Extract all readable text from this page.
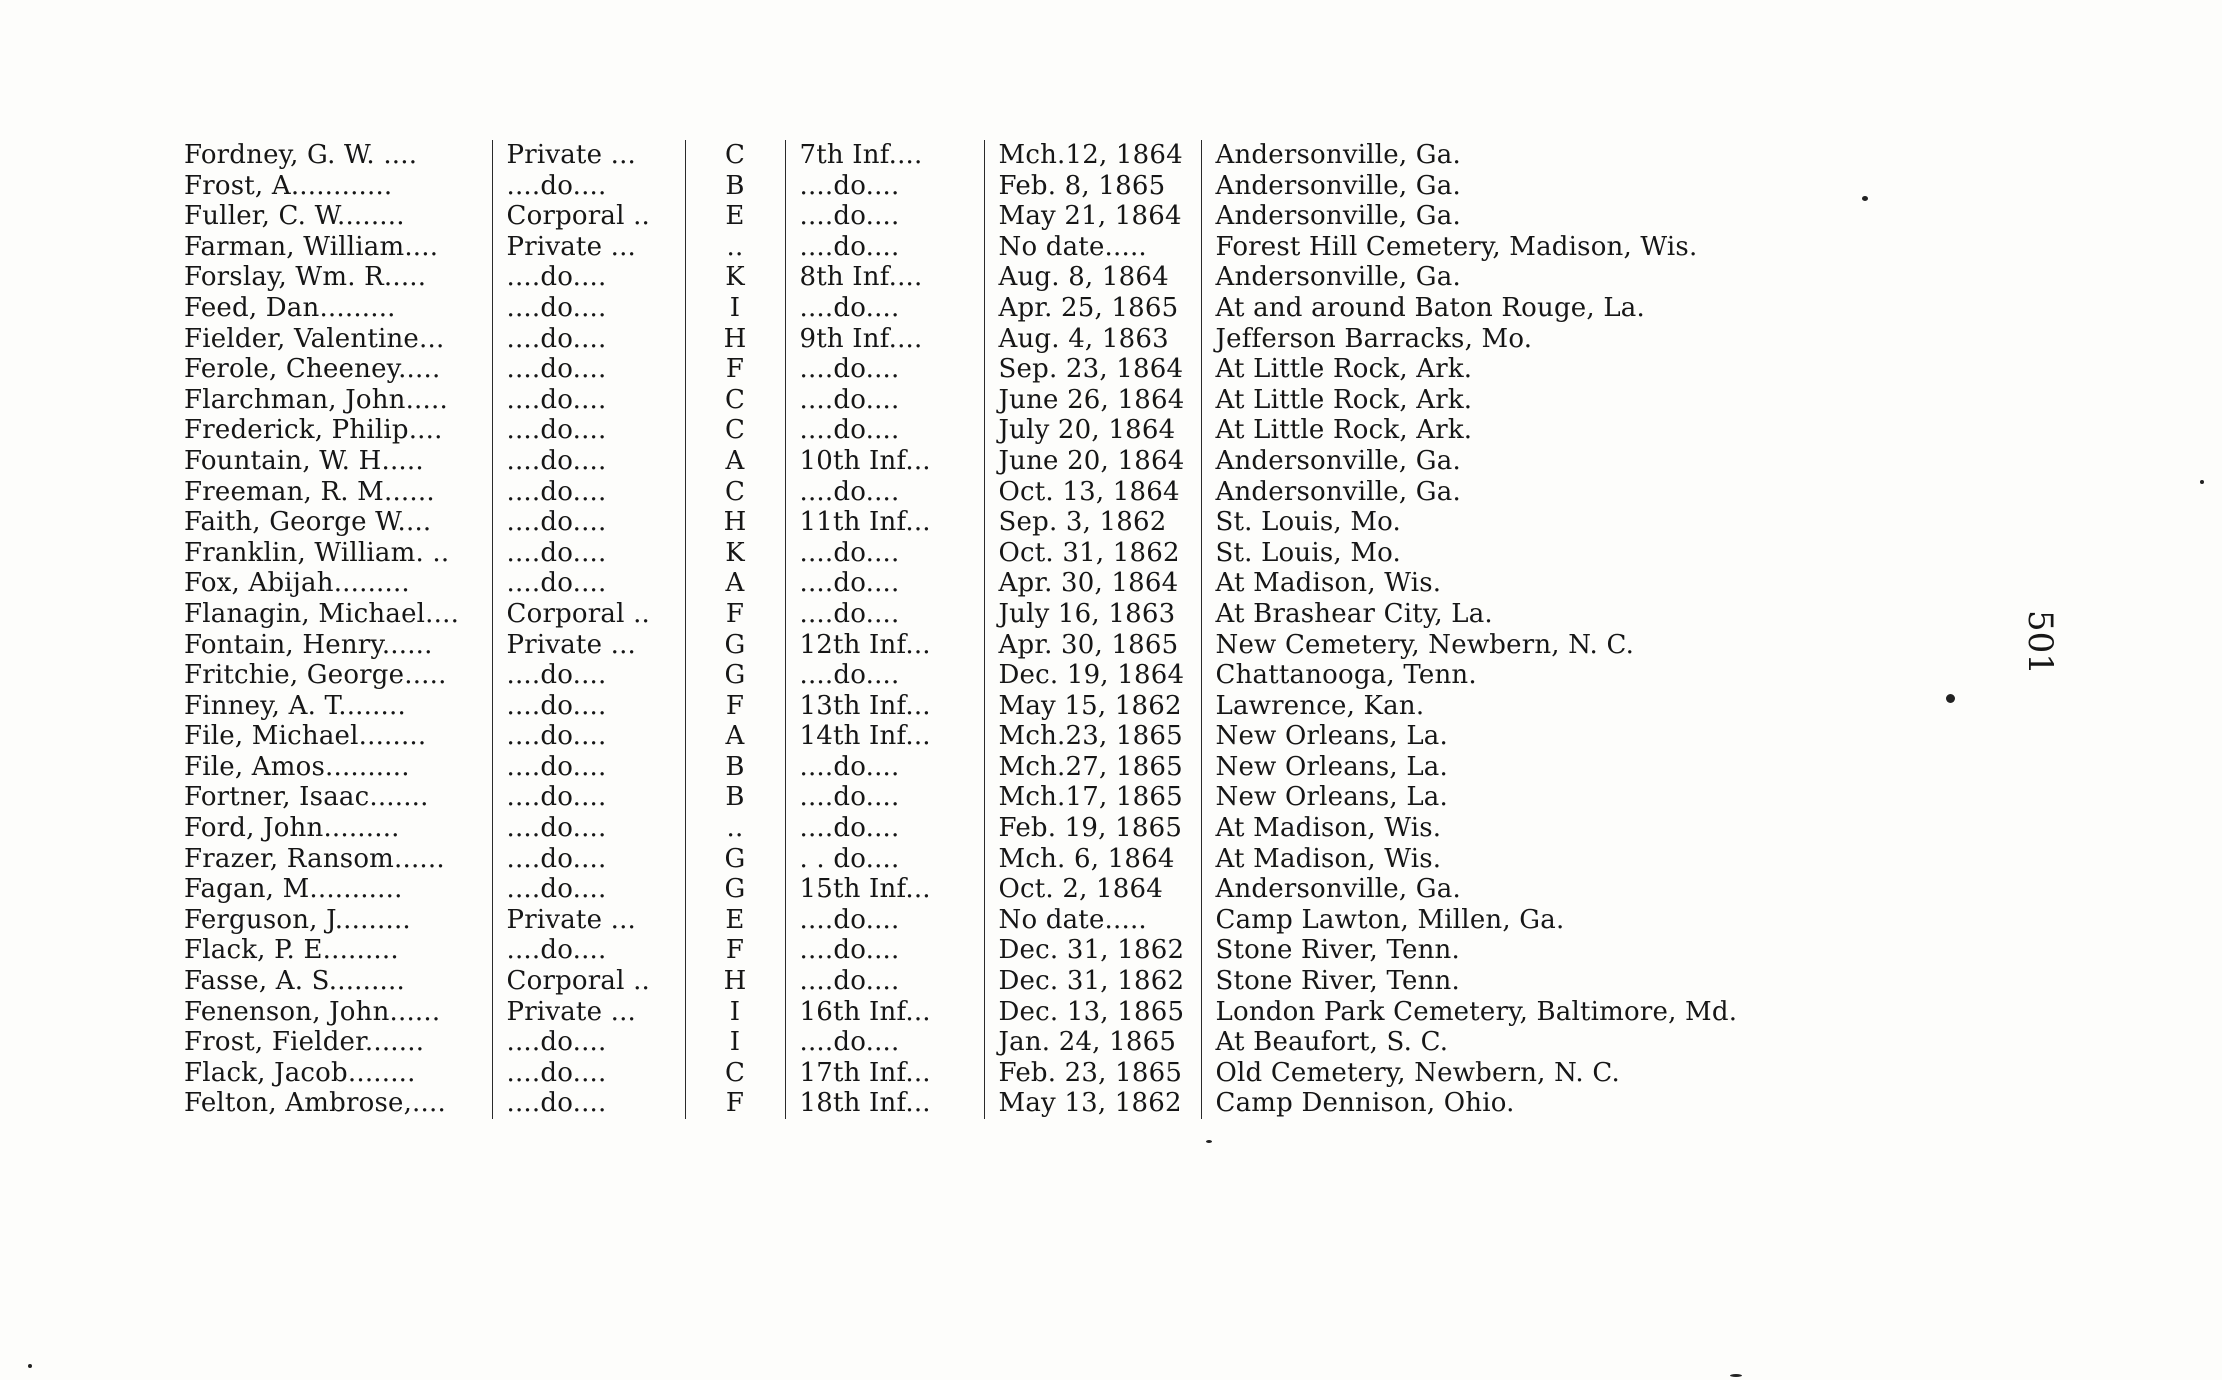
Fordney, G. W. ....	Private ...	C	7th Inf....	Mch.12, 1864	Andersonville, Ga.
Frost, A............	....do....	B	....do....	Feb. 8, 1865	Andersonville, Ga.
Fuller, C. W........	Corporal ..	E	....do....	May 21, 1864	Andersonville, Ga.
Farman, William....	Private ...	..	....do....	No date.....	Forest Hill Cemetery, Madison, Wis.
Forslay, Wm. R.....	....do....	K	8th Inf....	Aug. 8, 1864	Andersonville, Ga.
Feed, Dan.........	....do....	I	....do....	Apr. 25, 1865	At and around Baton Rouge, La.
Fielder, Valentine...	....do....	H	9th Inf....	Aug. 4, 1863	Jefferson Barracks, Mo.
Ferole, Cheeney.....	....do....	F	....do....	Sep. 23, 1864	At Little Rock, Ark.
Flarchman, John.....	....do....	C	....do....	June 26, 1864	At Little Rock, Ark.
Frederick, Philip....	....do....	C	....do....	July 20, 1864	At Little Rock, Ark.
Fountain, W. H.....	....do....	A	10th Inf...	June 20, 1864	Andersonville, Ga.
Freeman, R. M......	....do....	C	....do....	Oct. 13, 1864	Andersonville, Ga.
Faith, George W....	....do....	H	11th Inf...	Sep. 3, 1862	St. Louis, Mo.
Franklin, William. ..	....do....	K	....do....	Oct. 31, 1862	St. Louis, Mo.
Fox, Abijah.........	....do....	A	....do....	Apr. 30, 1864	At Madison, Wis.
Flanagin, Michael....	Corporal ..	F	....do....	July 16, 1863	At Brashear City, La.
Fontain, Henry......	Private ...	G	12th Inf...	Apr. 30, 1865	New Cemetery, Newbern, N. C.
Fritchie, George.....	....do....	G	....do....	Dec. 19, 1864	Chattanooga, Tenn.
Finney, A. T........	....do....	F	13th Inf...	May 15, 1862	Lawrence, Kan.
File, Michael........	....do....	A	14th Inf...	Mch.23, 1865	New Orleans, La.
File, Amos..........	....do....	B	....do....	Mch.27, 1865	New Orleans, La.
Fortner, Isaac.......	....do....	B	....do....	Mch.17, 1865	New Orleans, La.
Ford, John.........	....do....	..	....do....	Feb. 19, 1865	At Madison, Wis.
Frazer, Ransom......	....do....	G	. . do....	Mch. 6, 1864	At Madison, Wis.
Fagan, M...........	....do....	G	15th Inf...	Oct. 2, 1864	Andersonville, Ga.
Ferguson, J.........	Private ...	E	....do....	No date.....	Camp Lawton, Millen, Ga.
Flack, P. E.........	....do....	F	....do....	Dec. 31, 1862	Stone River, Tenn.
Fasse, A. S.........	Corporal ..	H	....do....	Dec. 31, 1862	Stone River, Tenn.
Fenenson, John......	Private ...	I	16th Inf...	Dec. 13, 1865	London Park Cemetery, Baltimore, Md.
Frost, Fielder.......	....do....	I	....do....	Jan. 24, 1865	At Beaufort, S. C.
Flack, Jacob........	....do....	C	17th Inf...	Feb. 23, 1865	Old Cemetery, Newbern, N. C.
Felton, Ambrose,....	....do....	F	18th Inf...	May 13, 1862	Camp Dennison, Ohio.
501
